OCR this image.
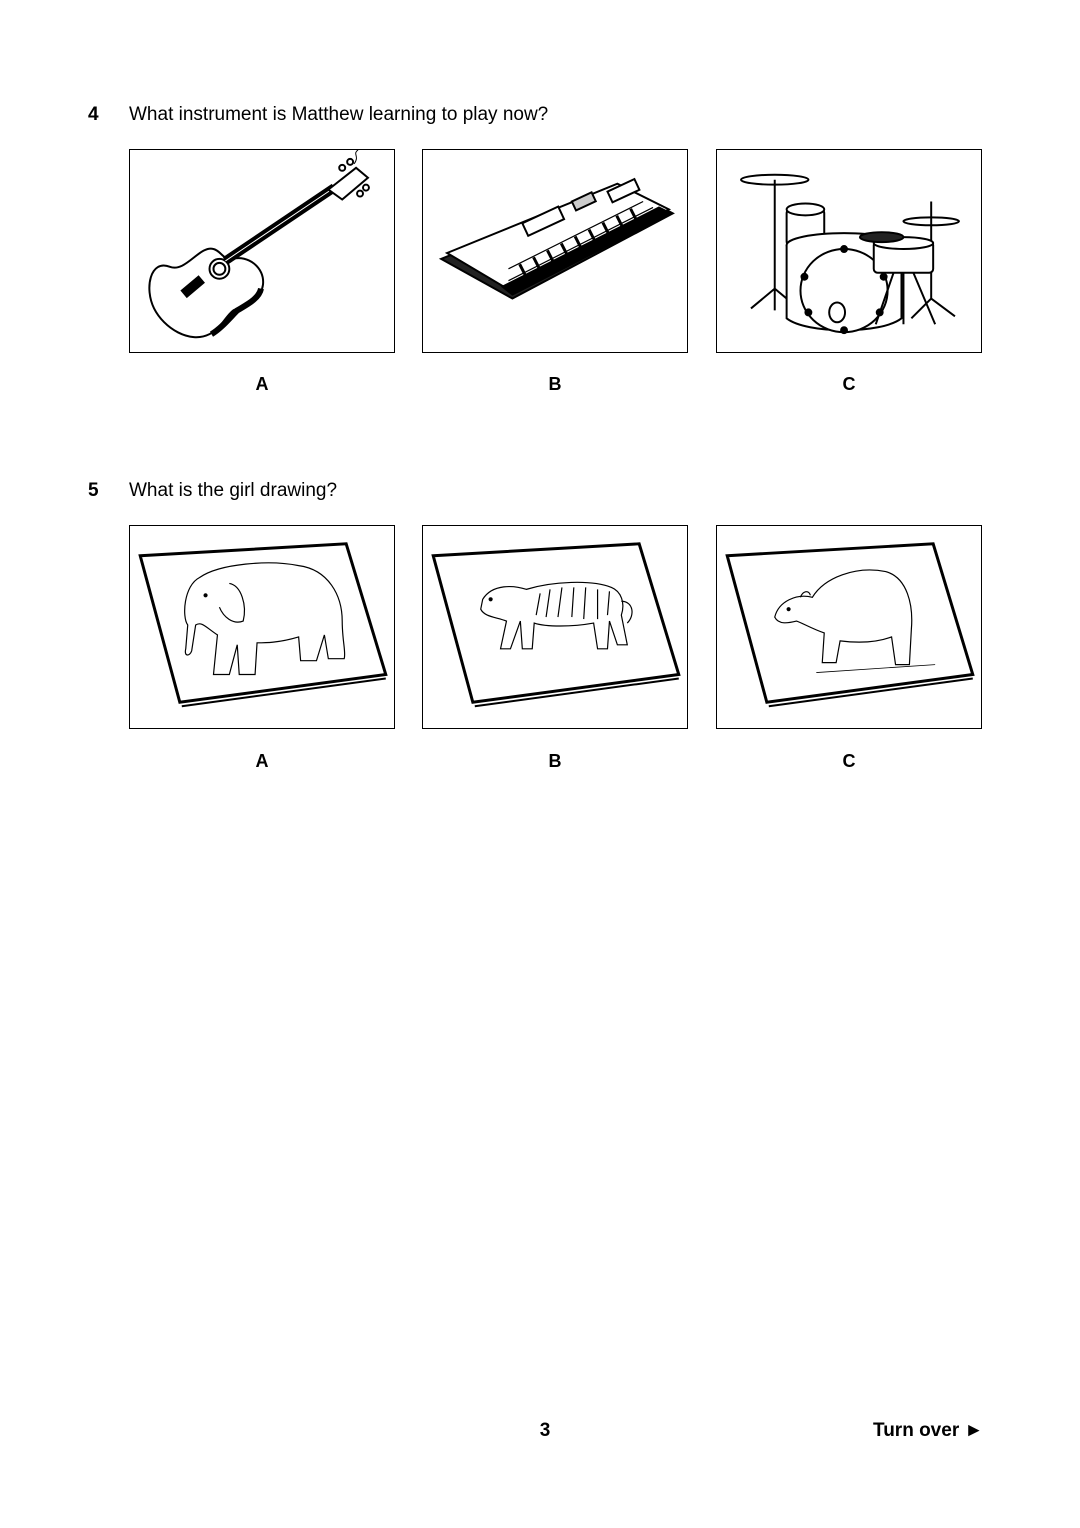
4 What instrument is Matthew learning to play now?
A	B	C
5 What is the girl drawing?
A	B	C
3	Turn over ►
